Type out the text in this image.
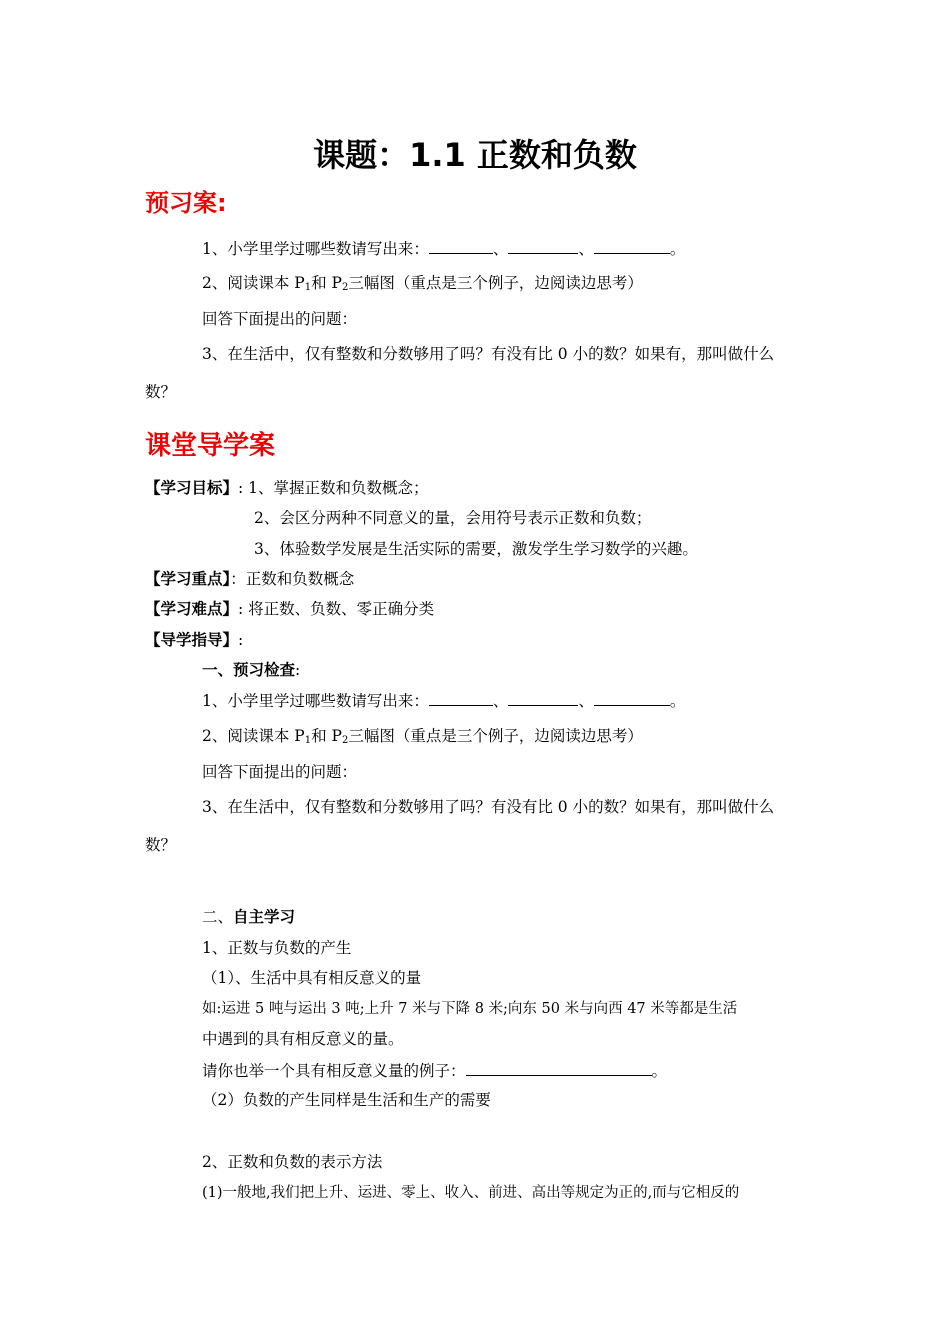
课题：1.1 正数和负数
预习案:
1、小学里学过哪些数请写出来：	、	、	。
2、阅读课本 $P_1$和 $P_2$三幅图（重点是三个例子，边阅读边思考）
回答下面提出的问题：
3、在生活中，仅有整数和分数够用了吗？有没有比 0 小的数？如果有，那叫做什么
数？
课堂导学案
【学习目标】: 1、掌握正数和负数概念；
2、会区分两种不同意义的量，会用符号表示正数和负数；
3、体验数学发展是生活实际的需要，激发学生学习数学的兴趣。
【学习重点】：正数和负数概念
【学习难点】: 将正数、负数、零正确分类
【导学指导】:
一、预习检查:
1、小学里学过哪些数请写出来：	、	、	。
2、阅读课本 $P_1$和 $P_2$三幅图（重点是三个例子，边阅读边思考）
回答下面提出的问题：
3、在生活中，仅有整数和分数够用了吗？有没有比 0 小的数？如果有，那叫做什么
数？
二、自主学习
1、正数与负数的产生
（1）、生活中具有相反意义的量
如:运进 5 吨与运出 3 吨;上升 7 米与下降 8 米;向东 50 米与向西 47 米等都是生活
中遇到的具有相反意义的量。
请你也举一个具有相反意义量的例子：	。
（2）负数的产生同样是生活和生产的需要
2、正数和负数的表示方法
(1)一般地,我们把上升、运进、零上、收入、前进、高出等规定为正的,而与它相反的
